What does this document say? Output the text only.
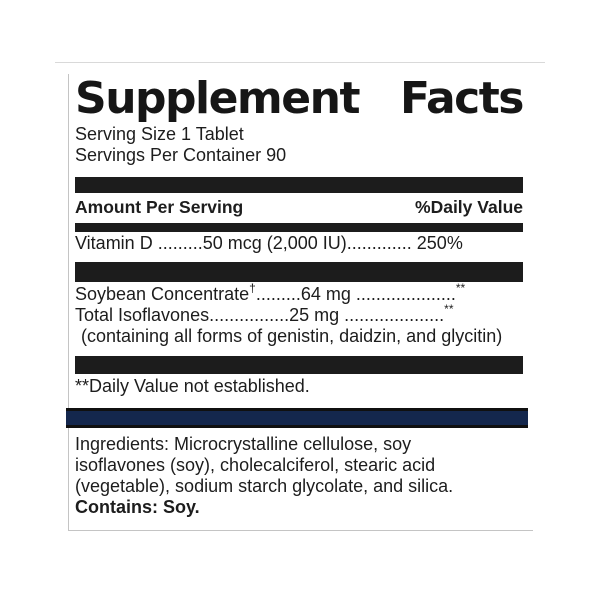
Supplement Facts
Serving Size 1 Tablet
Servings Per Container 90
Amount Per Serving	%Daily Value
Vitamin D .........50 mcg (2,000 IU)............. 250%
Soybean Concentrate†.........64 mg ....................**
Total Isoflavones................25 mg ....................**
(containing all forms of genistin, daidzin, and glycitin)
**Daily Value not established.
Ingredients: Microcrystalline cellulose, soy
isoflavones (soy), cholecalciferol, stearic acid
(vegetable), sodium starch glycolate, and silica.
Contains: Soy.
